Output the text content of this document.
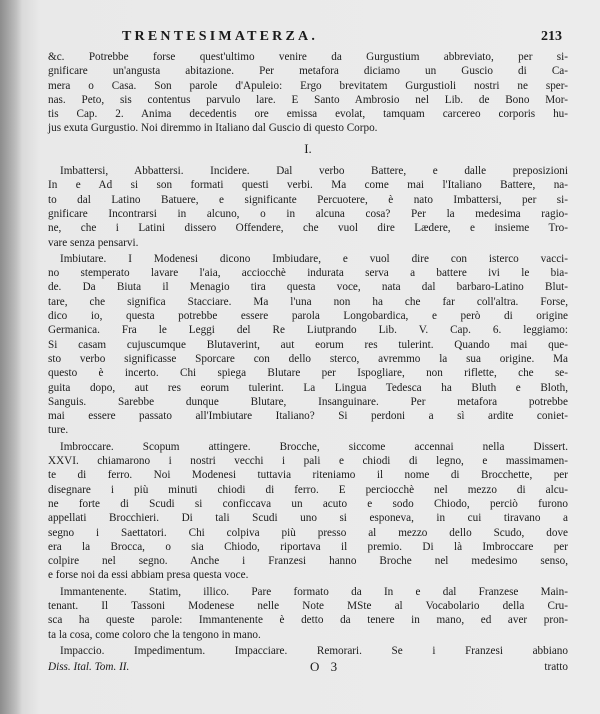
TRENTESIMATERZA.	213
&c. Potrebbe forse quest'ultimo venire da Gurgustium abbreviato, per si-
gnificare un'angusta abitazione. Per metafora diciamo un Guscio di Ca-
mera o Casa. Son parole d'Apuleio: Ergo brevitatem Gurgustioli nostri ne sper-
nas. Peto, sis contentus parvulo lare. E Santo Ambrosio nel Lib. de Bono Mor-
tis Cap. 2. Anima decedentis ore emissa evolat, tamquam carcereo corporis hu-
jus exuta Gurgustio. Noi diremmo in Italiano dal Guscio di questo Corpo.
I.
Imbattersi, Abbattersi. Incidere. Dal verbo Battere, e dalle preposizioni
In e Ad si son formati questi verbi. Ma come mai l'Italiano Battere, na-
to dal Latino Batuere, e significante Percuotere, è nato Imbattersi, per si-
gnificare Incontrarsi in alcuno, o in alcuna cosa? Per la medesima ragio-
ne, che i Latini dissero Offendere, che vuol dire Lædere, e insieme Tro-
vare senza pensarvi.
Imbiutare. I Modenesi dicono Imbiudare, e vuol dire con isterco vacci-
no stemperato lavare l'aia, acciocchè indurata serva a battere ivi le bia-
de. Da Biuta il Menagio tira questa voce, nata dal barbaro-Latino Blut-
tare, che significa Stacciare. Ma l'una non ha che far coll'altra. Forse,
dico io, questa potrebbe essere parola Longobardica, e però di origine
Germanica. Fra le Leggi del Re Liutprando Lib. V. Cap. 6. leggiamo:
Si casam cujuscumque Blutaverint, aut eorum res tulerint. Quando mai que-
sto verbo significasse Sporcare con dello sterco, avremmo la sua origine. Ma
questo è incerto. Chi spiega Blutare per Ispogliare, non riflette, che se-
guita dopo, aut res eorum tulerint. La Lingua Tedesca ha Bluth e Bloth,
Sanguis. Sarebbe dunque Blutare, Insanguinare. Per metafora potrebbe
mai essere passato all'Imbiutare Italiano? Si perdoni a sì ardite coniet-
ture.
Imbroccare. Scopum attingere. Brocche, siccome accennai nella Dissert.
XXVI. chiamarono i nostri vecchi i pali e chiodi di legno, e massimamen-
te di ferro. Noi Modenesi tuttavia riteniamo il nome di Brocchette, per
disegnare i più minuti chiodi di ferro. E perciocchè nel mezzo di alcu-
ne forte di Scudi si conficcava un acuto e sodo Chiodo, perciò furono
appellati Brocchieri. Di tali Scudi uno si esponeva, in cui tiravano a
segno i Saettatori. Chi colpiva più presso al mezzo dello Scudo, dove
era la Brocca, o sia Chiodo, riportava il premio. Di là Imbroccare per
colpire nel segno. Anche i Franzesi hanno Broche nel medesimo senso,
e forse noi da essi abbiam presa questa voce.
Immantenente. Statim, illico. Pare formato da In e dal Franzese Main-
tenant. Il Tassoni Modenese nelle Note MSte al Vocabolario della Cru-
sca ha queste parole: Immantenente è detto da tenere in mano, ed aver pron-
ta la cosa, come coloro che la tengono in mano.
Impaccio. Impedimentum. Impacciare. Remorari. Se i Franzesi abbiano
Diss. Ital. Tom. II.	O 3	tratto
